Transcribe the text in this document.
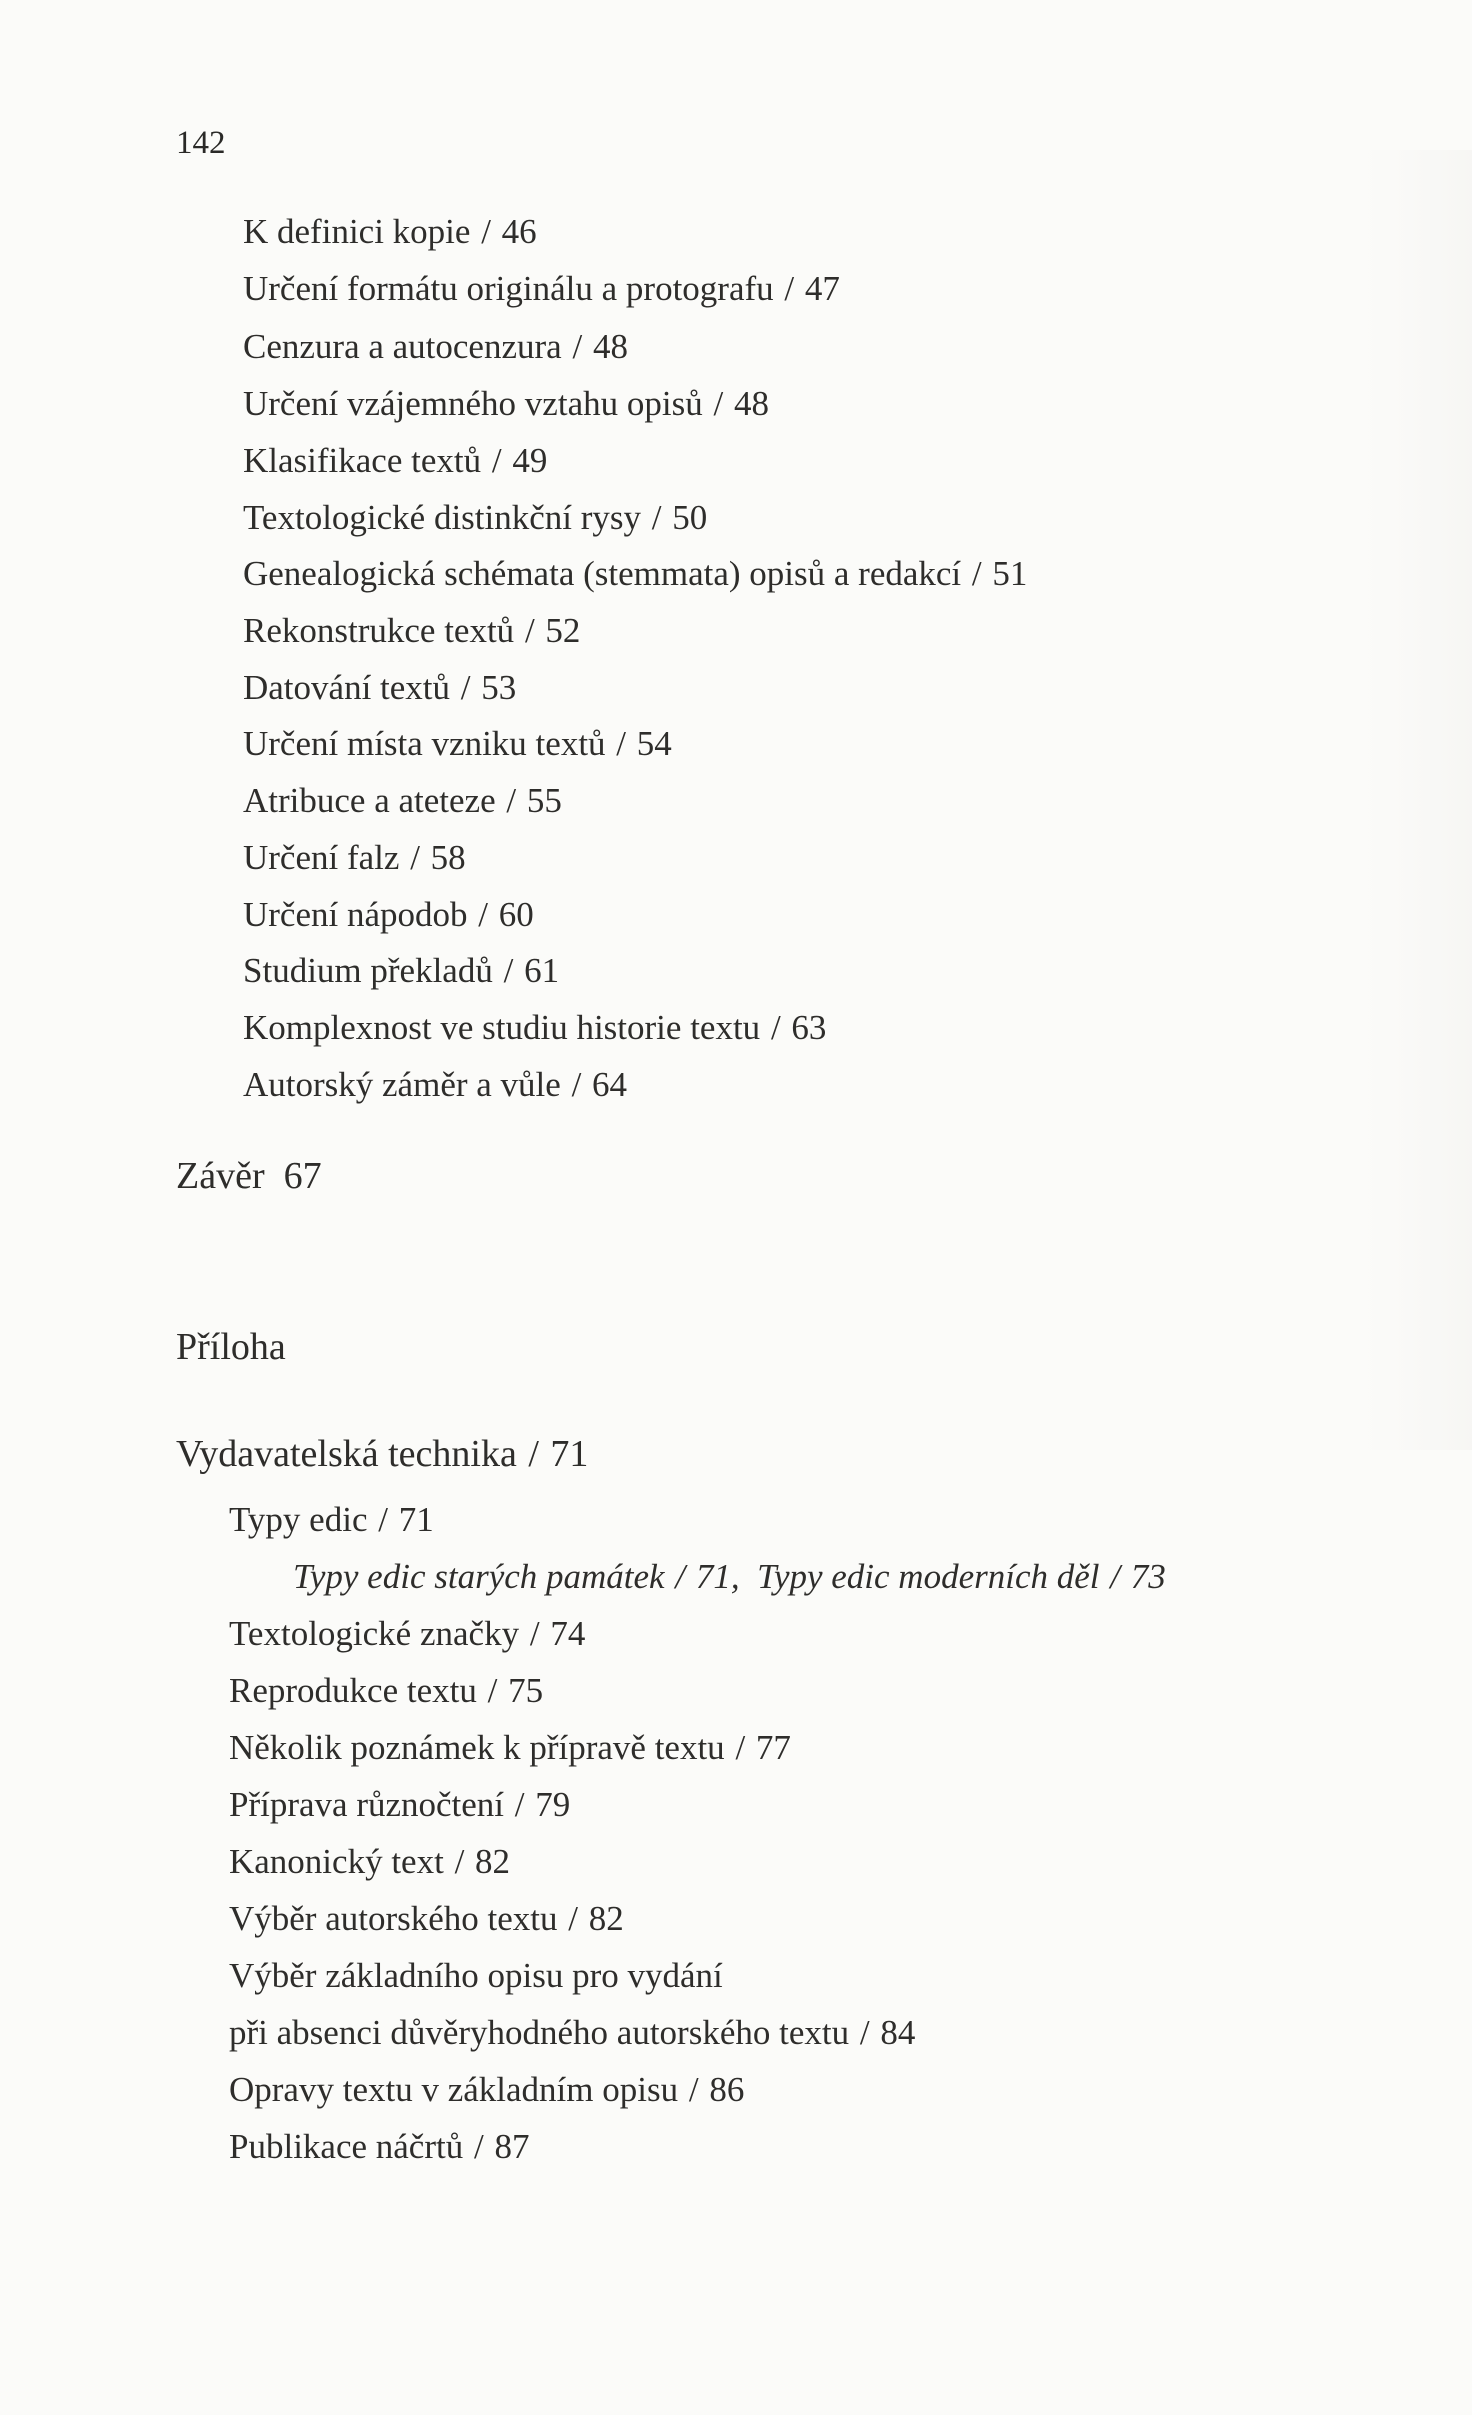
142
K definici kopie / 46
Určení formátu originálu a protografu / 47
Cenzura a autocenzura / 48
Určení vzájemného vztahu opisů / 48
Klasifikace textů / 49
Textologické distinkční rysy / 50
Genealogická schémata (stemmata) opisů a redakcí / 51
Rekonstrukce textů / 52
Datování textů / 53
Určení místa vzniku textů / 54
Atribuce a ateteze / 55
Určení falz / 58
Určení nápodob / 60
Studium překladů / 61
Komplexnost ve studiu historie textu / 63
Autorský záměr a vůle / 64
Závěr 67
Příloha
Vydavatelská technika / 71
Typy edic / 71
Typy edic starých památek / 71, Typy edic moderních děl / 73
Textologické značky / 74
Reprodukce textu / 75
Několik poznámek k přípravě textu / 77
Příprava různočtení / 79
Kanonický text / 82
Výběr autorského textu / 82
Výběr základního opisu pro vydání
při absenci důvěryhodného autorského textu / 84
Opravy textu v základním opisu / 86
Publikace náčrtů / 87
